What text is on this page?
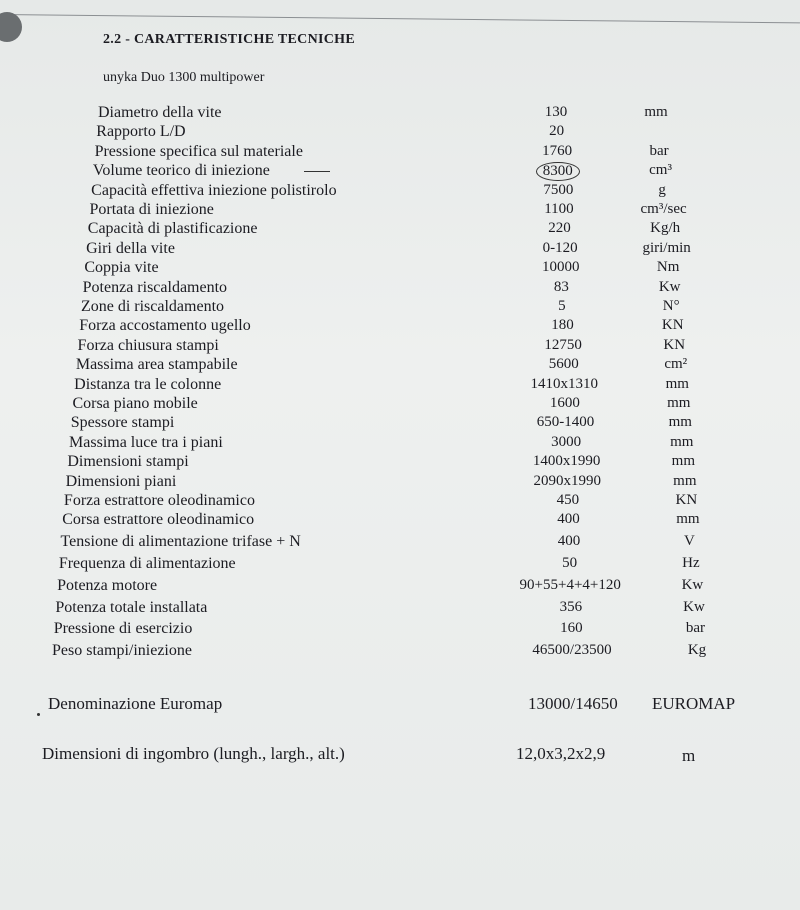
2.2 - CARATTERISTICHE TECNICHE
unyka Duo 1300 multipower
Diametro della vite	130	mm
Rapporto L/D	20
Pressione specifica sul materiale	1760	bar
Volume teorico di iniezione	8300	cm³
Capacità effettiva iniezione polistirolo	7500	g
Portata di iniezione	1100	cm³/sec
Capacità di plastificazione	220	Kg/h
Giri della vite	0-120	giri/min
Coppia vite	10000	Nm
Potenza riscaldamento	83	Kw
Zone di riscaldamento	5	N°
Forza accostamento ugello	180	KN
Forza chiusura stampi	12750	KN
Massima area stampabile	5600	cm²
Distanza tra le colonne	1410x1310	mm
Corsa piano mobile	1600	mm
Spessore stampi	650-1400	mm
Massima luce tra i piani	3000	mm
Dimensioni stampi	1400x1990	mm
Dimensioni piani	2090x1990	mm
Forza estrattore oleodinamico	450	KN
Corsa estrattore oleodinamico	400	mm
Tensione di alimentazione trifase + N	400	V
Frequenza di alimentazione	50	Hz
Potenza motore	90+55+4+4+120	Kw
Potenza totale installata	356	Kw
Pressione di esercizio	160	bar
Peso stampi/iniezione	46500/23500	Kg
Denominazione Euromap	13000/14650 EUROMAP
Dimensioni di ingombro (lungh., largh., alt.)	12,0x3,2x2,9	m
